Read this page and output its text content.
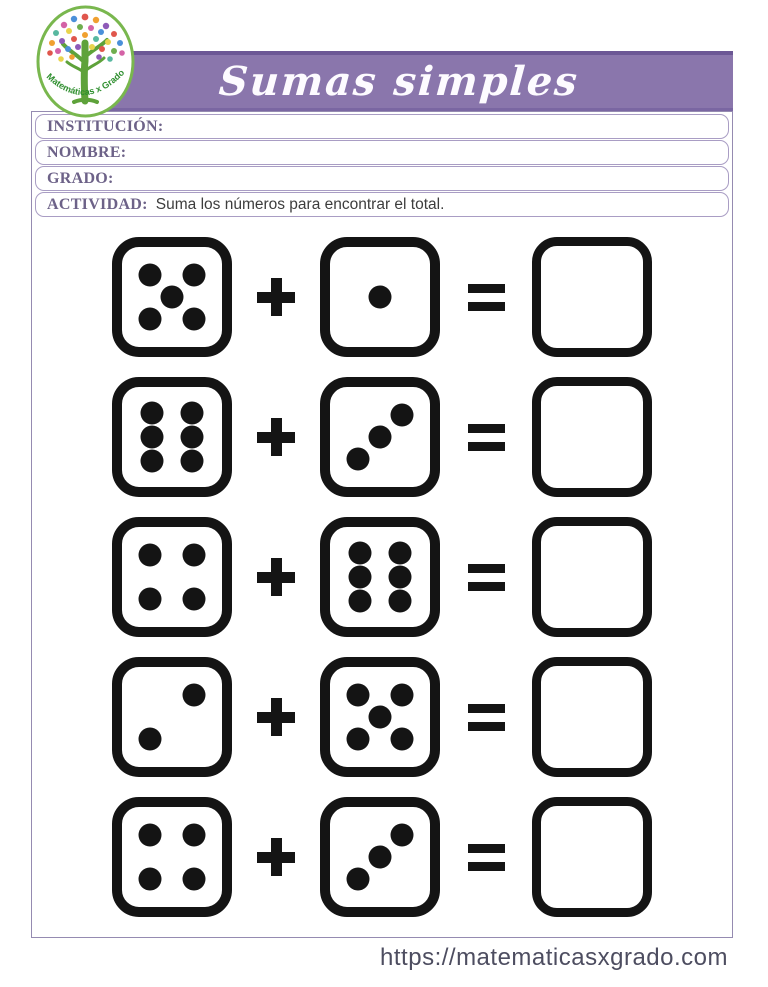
Sumas simples
Matemáticas x Grado
INSTITUCIÓN:
NOMBRE:
GRADO:
ACTIVIDAD: Suma los números para encontrar el total.
https://matematicasxgrado.com
